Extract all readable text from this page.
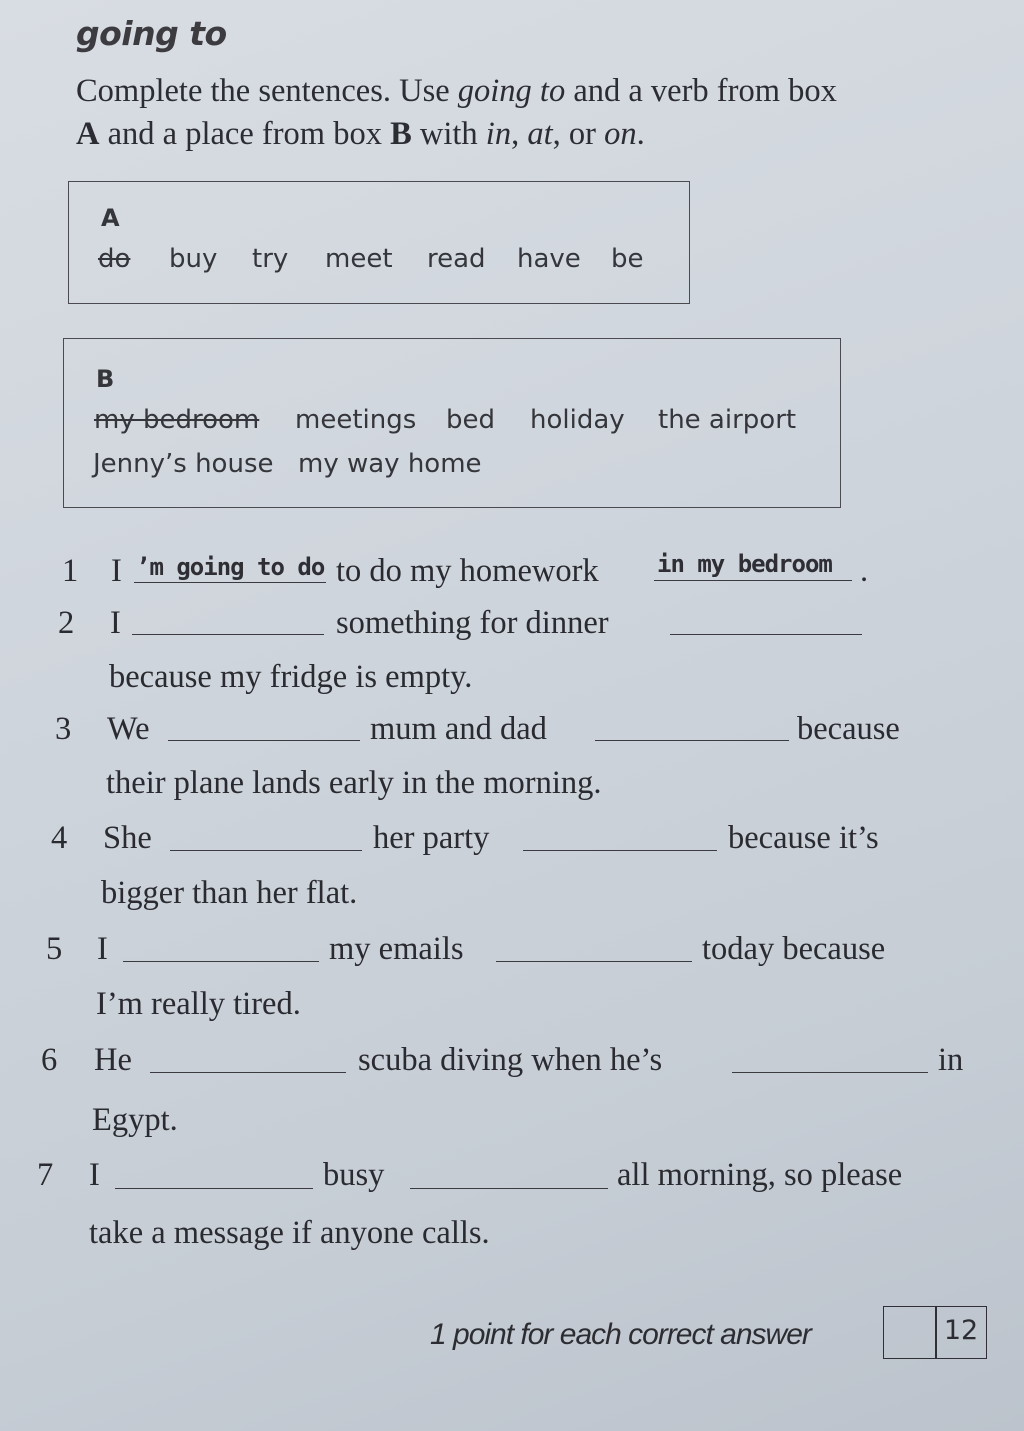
going to
Complete the sentences. Use going to and a verb from box
A and a place from box B with in, at, or on.
A
do buy try meet read have be
B
my bedroom meetings bed holiday the airport
Jenny’s house my way home
1 I ’m going to do to do my homework in my bedroom .
2 I	something for dinner
because my fridge is empty.
3 We	mum and dad	because
their plane lands early in the morning.
4 She	her party	because it’s
bigger than her flat.
5 I	my emails	today because
I’m really tired.
6 He	scuba diving when he’s	in
Egypt.
7 I	busy	all morning, so please
take a message if anyone calls.
1 point for each correct answer	12
